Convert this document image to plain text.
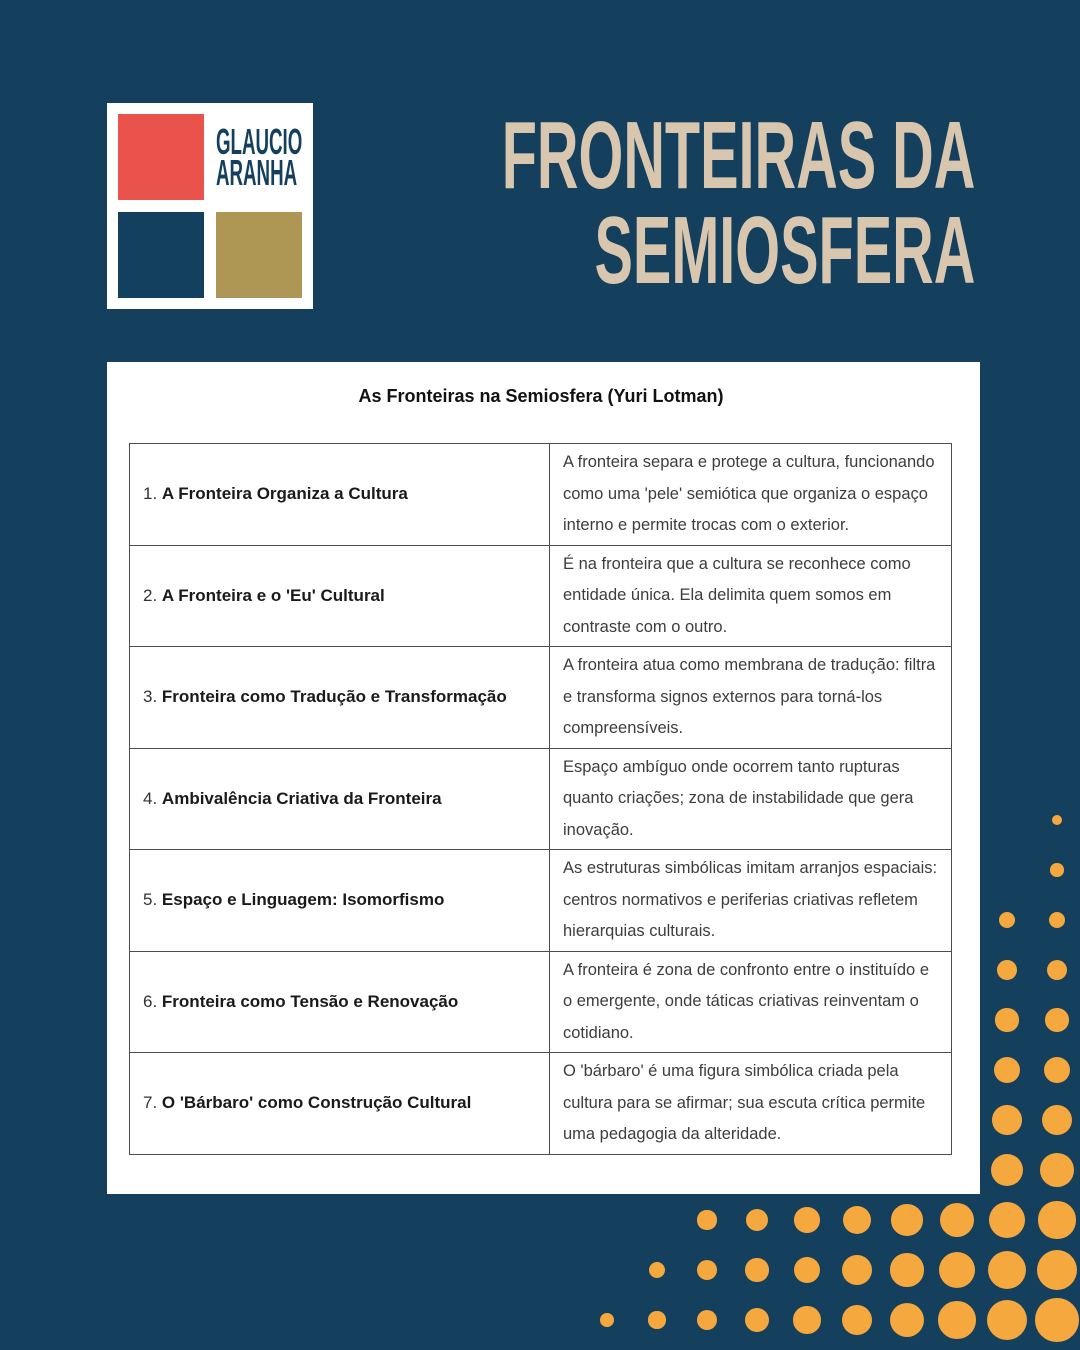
GLAUCIO
ARANHA FRONTEIRAS DA
SEMIOSFERA
As Fronteiras na Semiosfera (Yuri Lotman)
1. A Fronteira Organiza a Cultura	A fronteira separa e protege a cultura, funcionando como uma 'pele' semiótica que organiza o espaço interno e permite trocas com o exterior.
2. A Fronteira e o 'Eu' Cultural	É na fronteira que a cultura se reconhece como entidade única. Ela delimita quem somos em contraste com o outro.
3. Fronteira como Tradução e Transformação	A fronteira atua como membrana de tradução: filtra e transforma signos externos para torná-los compreensíveis.
4. Ambivalência Criativa da Fronteira	Espaço ambíguo onde ocorrem tanto rupturas quanto criações; zona de instabilidade que gera inovação.
5. Espaço e Linguagem: Isomorfismo	As estruturas simbólicas imitam arranjos espaciais: centros normativos e periferias criativas refletem hierarquias culturais.
6. Fronteira como Tensão e Renovação	A fronteira é zona de confronto entre o instituído e o emergente, onde táticas criativas reinventam o cotidiano.
7. O 'Bárbaro' como Construção Cultural	O 'bárbaro' é uma figura simbólica criada pela cultura para se afirmar; sua escuta crítica permite uma pedagogia da alteridade.
